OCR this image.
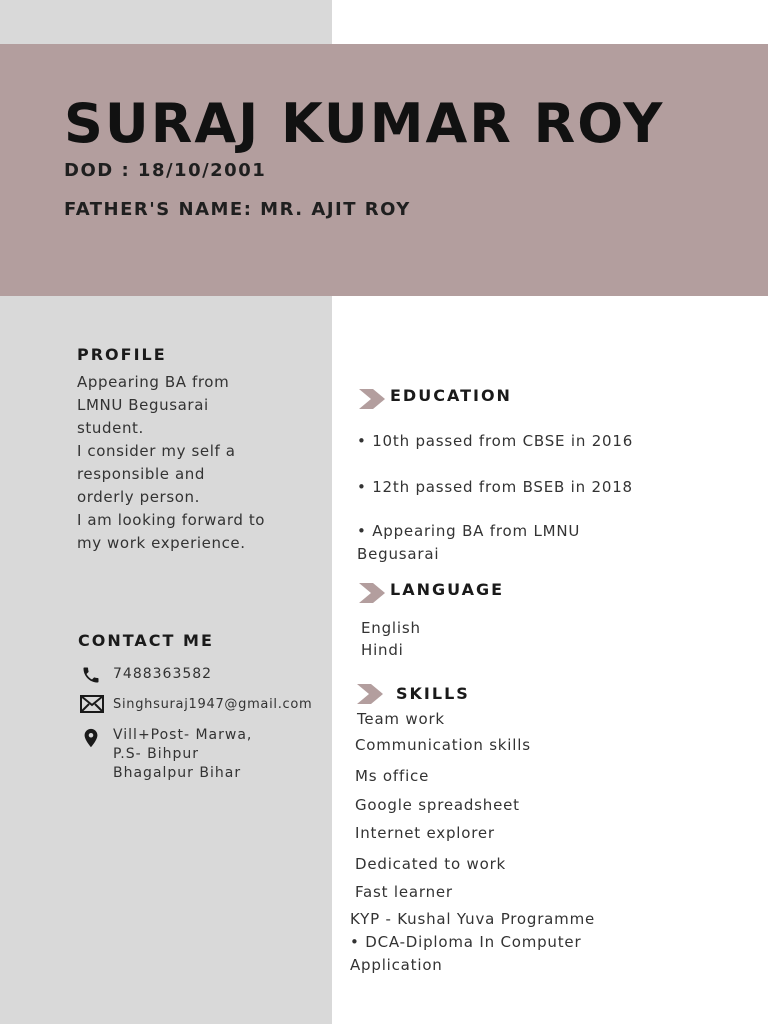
SURAJ KUMAR ROY

DOD : 18/10/2001

FATHER'S NAME: MR. AJIT ROY

PROFILE
Appearing BA from
LMNU Begusarai
student.
I consider my self a
responsible and
orderly person.
I am looking forward to
my work experience.
CONTACT ME
7488363582
Singhsuraj1947@gmail.com
Vill+Post- Marwa,
P.S- Bihpur
Bhagalpur Bihar
EDUCATION

• 10th passed from CBSE in 2016

• 12th passed from BSEB in 2018

• Appearing BA from LMNU
Begusarai
LANGUAGE
English
Hindi
SKILLS

Team work

Communication skills

Ms office

Google spreadsheet

Internet explorer

Dedicated to work

Fast learner

KYP - Kushal Yuva Programme
• DCA-Diploma In Computer
Application
